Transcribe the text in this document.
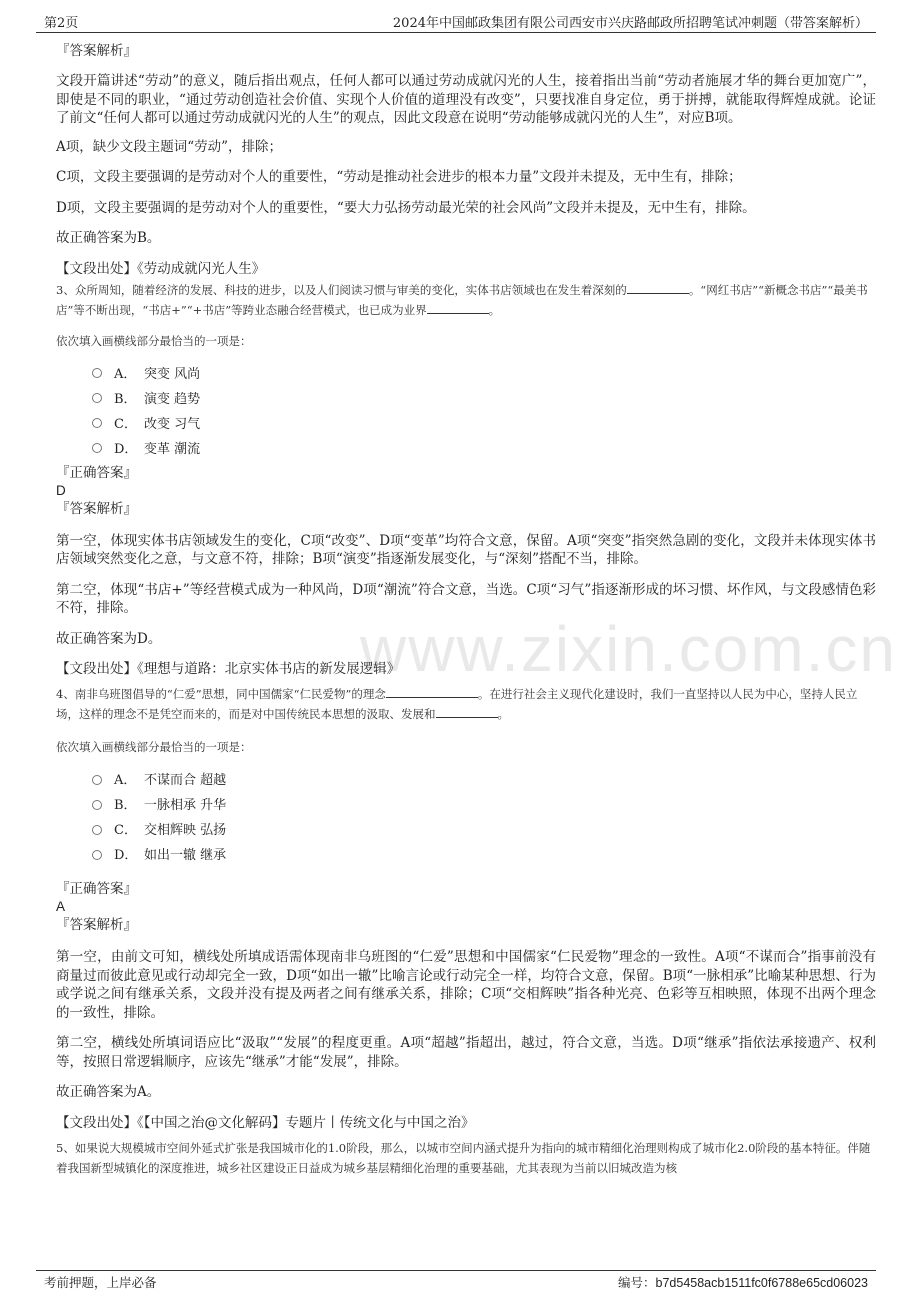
第2页	2024年中国邮政集团有限公司西安市兴庆路邮政所招聘笔试冲刺题（带答案解析）
www.zixin.com.cn

『答案解析』

文段开篇讲述“劳动”的意义，随后指出观点，任何人都可以通过劳动成就闪光的人生，接着指出当前“劳动者施展才华的舞台更加宽广”，即使是不同的职业，“通过劳动创造社会价值、实现个人价值的道理没有改变”，只要找准自身定位，勇于拼搏，就能取得辉煌成就。论证了前文“任何人都可以通过劳动成就闪光的人生”的观点，因此文段意在说明“劳动能够成就闪光的人生”，对应B项。

A项，缺少文段主题词“劳动”，排除；

C项，文段主要强调的是劳动对个人的重要性，“劳动是推动社会进步的根本力量”文段并未提及，无中生有，排除；

D项，文段主要强调的是劳动对个人的重要性，“要大力弘扬劳动最光荣的社会风尚”文段并未提及，无中生有，排除。

故正确答案为B。

【文段出处】《劳动成就闪光人生》

3、众所周知，随着经济的发展、科技的进步，以及人们阅读习惯与审美的变化，实体书店领域也在发生着深刻的	。“网红书店”“新概念书店”“最美书店”等不断出现，“书店+”“+书店”等跨业态融合经营模式，也已成为业界	。

依次填入画横线部分最恰当的一项是：

A． 突变 风尚
B． 演变 趋势
C． 改变 习气
D． 变革 潮流

『正确答案』

D

『答案解析』

第一空，体现实体书店领域发生的变化，C项“改变”、D项“变革”均符合文意，保留。A项“突变”指突然急剧的变化，文段并未体现实体书店领域突然变化之意，与文意不符，排除；B项“演变”指逐渐发展变化，与“深刻”搭配不当，排除。

第二空，体现“书店+”等经营模式成为一种风尚，D项“潮流”符合文意，当选。C项“习气”指逐渐形成的坏习惯、坏作风，与文段感情色彩不符，排除。

故正确答案为D。

【文段出处】《理想与道路：北京实体书店的新发展逻辑》

4、南非乌班图倡导的“仁爱”思想，同中国儒家“仁民爱物”的理念	。在进行社会主义现代化建设时，我们一直坚持以人民为中心，坚持人民立场，这样的理念不是凭空而来的，而是对中国传统民本思想的汲取、发展和	。

依次填入画横线部分最恰当的一项是：

A． 不谋而合 超越
B． 一脉相承 升华
C． 交相辉映 弘扬
D． 如出一辙 继承

『正确答案』

A

『答案解析』

第一空，由前文可知，横线处所填成语需体现南非乌班图的“仁爱”思想和中国儒家“仁民爱物”理念的一致性。A项“不谋而合”指事前没有商量过而彼此意见或行动却完全一致，D项“如出一辙”比喻言论或行动完全一样，均符合文意，保留。B项“一脉相承”比喻某种思想、行为或学说之间有继承关系，文段并没有提及两者之间有继承关系，排除；C项“交相辉映”指各种光亮、色彩等互相映照，体现不出两个理念的一致性，排除。

第二空，横线处所填词语应比“汲取”“发展”的程度更重。A项“超越”指超出，越过，符合文意，当选。D项“继承”指依法承接遗产、权利等，按照日常逻辑顺序，应该先“继承”才能“发展”，排除。

故正确答案为A。

【文段出处】《【中国之治@文化解码】专题片丨传统文化与中国之治》

5、如果说大规模城市空间外延式扩张是我国城市化的1.0阶段，那么，以城市空间内涵式提升为指向的城市精细化治理则构成了城市化2.0阶段的基本特征。伴随着我国新型城镇化的深度推进，城乡社区建设正日益成为城乡基层精细化治理的重要基础，尤其表现为当前以旧城改造为核

考前押题，上岸必备	编号：b7d5458acb1511fc0f6788e65cd06023
